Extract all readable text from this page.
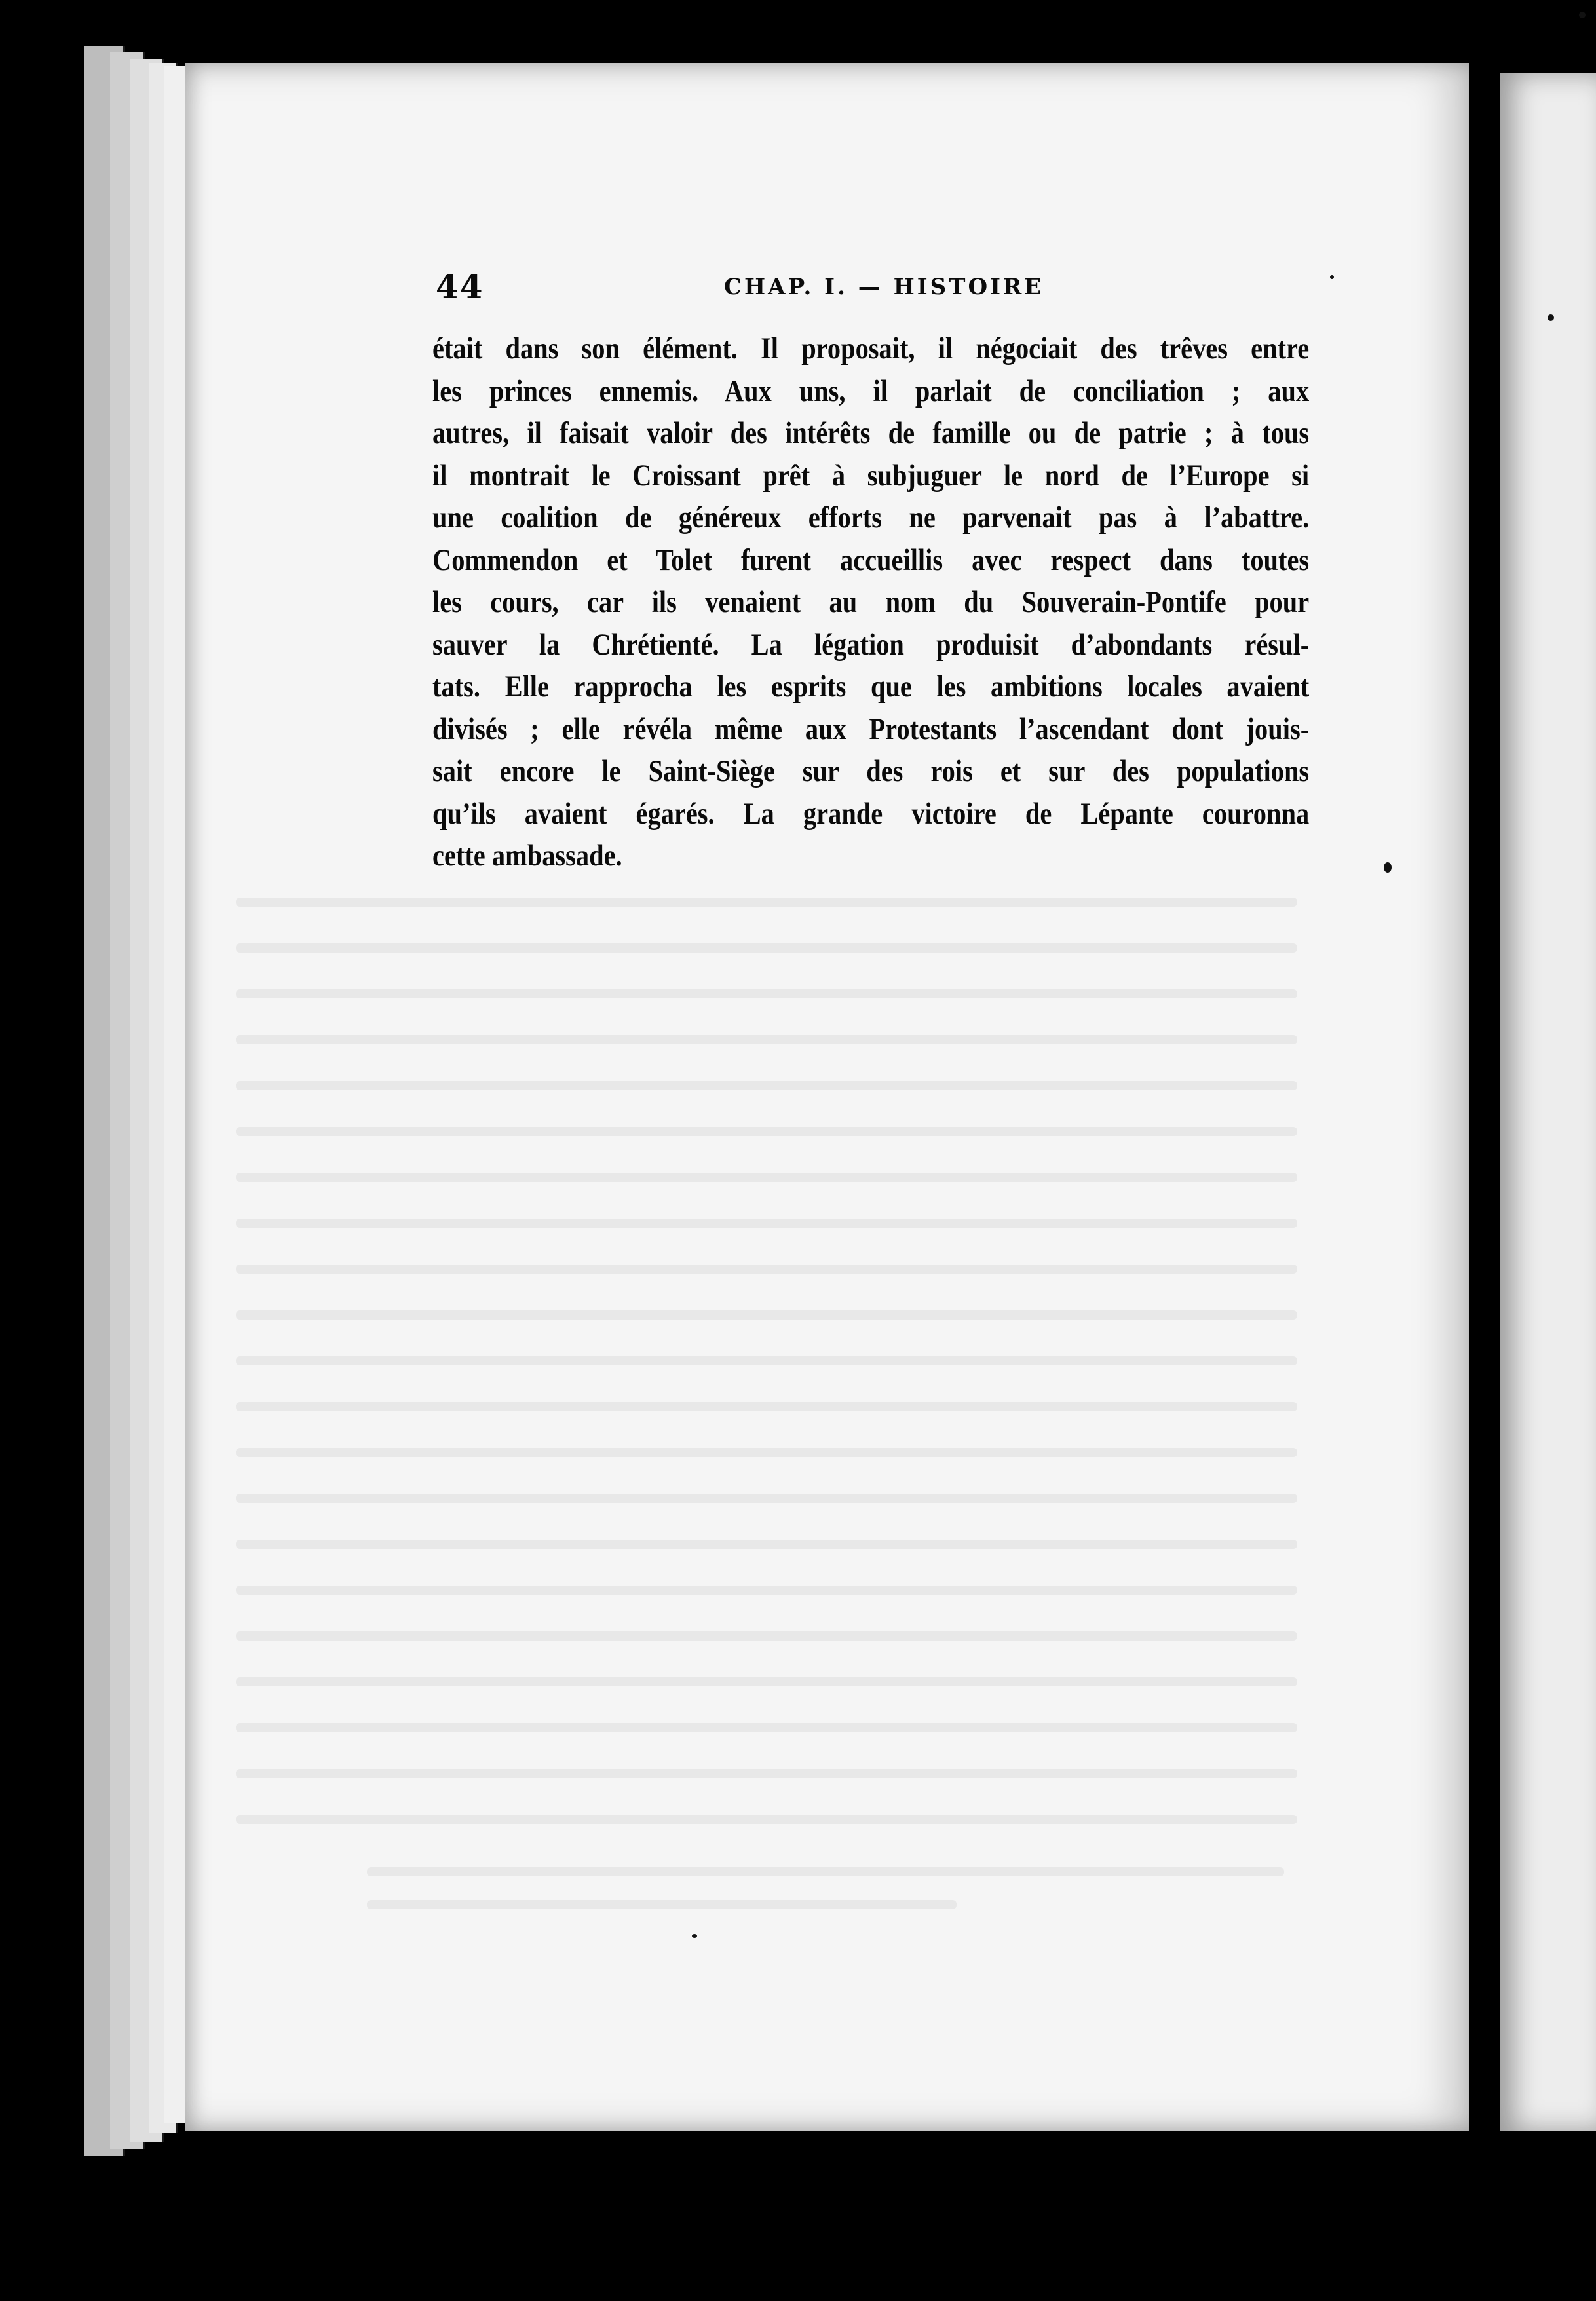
44	CHAP. I. — HISTOIRE
était dans son élément. Il proposait, il négociait des trêves entre
les princes ennemis. Aux uns, il parlait de conciliation ; aux
autres, il faisait valoir des intérêts de famille ou de patrie ; à tous
il montrait le Croissant prêt à subjuguer le nord de l’Europe si
une coalition de généreux efforts ne parvenait pas à l’abattre.
Commendon et Tolet furent accueillis avec respect dans toutes
les cours, car ils venaient au nom du Souverain-Pontife pour
sauver la Chrétienté. La légation produisit d’abondants résul-
tats. Elle rapprocha les esprits que les ambitions locales avaient
divisés ; elle révéla même aux Protestants l’ascendant dont jouis-
sait encore le Saint-Siège sur des rois et sur des populations
qu’ils avaient égarés. La grande victoire de Lépante couronna
cette ambassade.
